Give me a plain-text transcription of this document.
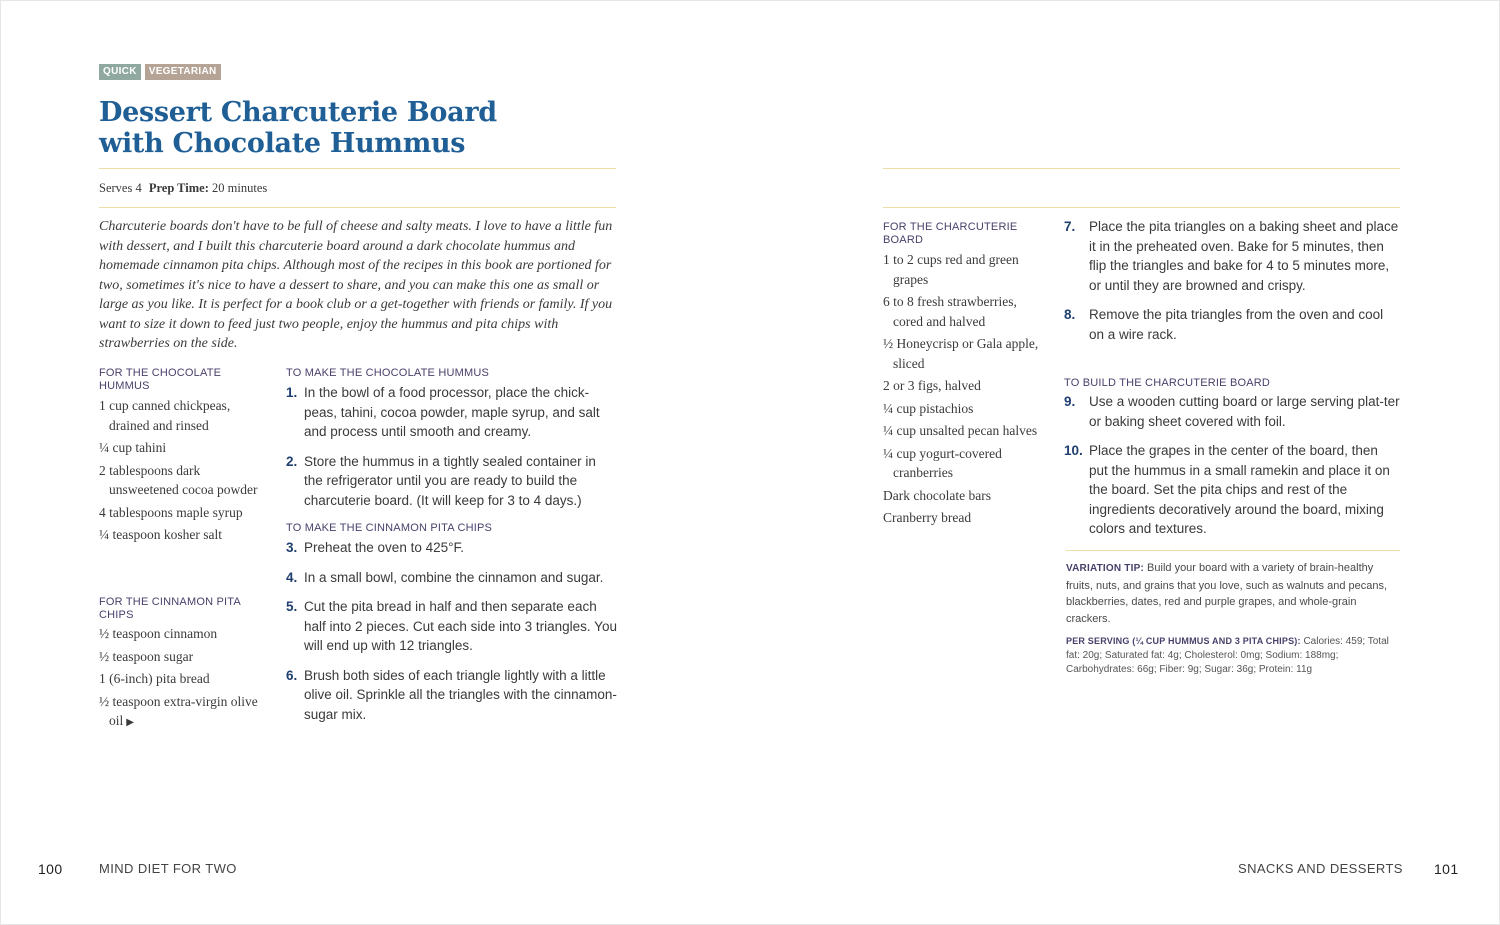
QUICK	VEGETARIAN
Dessert Charcuterie Board
with Chocolate Hummus
Serves 4 Prep Time: 20 minutes

Charcuterie boards don't have to be full of cheese and salty meats. I love to have a little fun with dessert, and I built this charcuterie board around a dark chocolate hummus and homemade cinnamon pita chips. Although most of the recipes in this book are portioned for two, sometimes it's nice to have a dessert to share, and you can make this one as small or large as you like. It is perfect for a book club or a get-together with friends or family. If you want to size it down to feed just two people, enjoy the hummus and pita chips with strawberries on the side.

FOR THE CHOCOLATE HUMMUS
1 cup canned chickpeas, drained and rinsed
¼ cup tahini
2 tablespoons dark unsweetened cocoa powder
4 tablespoons maple syrup
¼ teaspoon kosher salt
FOR THE CINNAMON PITA CHIPS
½ teaspoon cinnamon
½ teaspoon sugar
1 (6-inch) pita bread
½ teaspoon extra-virgin olive oil ▶
TO MAKE THE CHOCOLATE HUMMUS
1. In the bowl of a food processor, place the chick-peas, tahini, cocoa powder, maple syrup, and salt and process until smooth and creamy.
2. Store the hummus in a tightly sealed container in the refrigerator until you are ready to build the charcuterie board. (It will keep for 3 to 4 days.)
TO MAKE THE CINNAMON PITA CHIPS
3. Preheat the oven to 425°F.
4. In a small bowl, combine the cinnamon and sugar.
5. Cut the pita bread in half and then separate each half into 2 pieces. Cut each side into 3 triangles. You will end up with 12 triangles.
6. Brush both sides of each triangle lightly with a little olive oil. Sprinkle all the triangles with the cinnamon-sugar mix.
FOR THE CHARCUTERIE BOARD
1 to 2 cups red and green grapes
6 to 8 fresh strawberries, cored and halved
½ Honeycrisp or Gala apple, sliced
2 or 3 figs, halved
¼ cup pistachios
¼ cup unsalted pecan halves
¼ cup yogurt-covered cranberries
Dark chocolate bars
Cranberry bread
7.	Place the pita triangles on a baking sheet and place it in the preheated oven. Bake for 5 minutes, then flip the triangles and bake for 4 to 5 minutes more, or until they are browned and crispy.
8.	Remove the pita triangles from the oven and cool on a wire rack.
TO BUILD THE CHARCUTERIE BOARD
9.	Use a wooden cutting board or large serving plat-ter or baking sheet covered with foil.
10. Place the grapes in the center of the board, then put the hummus in a small ramekin and place it on the board. Set the pita chips and rest of the ingredients decoratively around the board, mixing colors and textures.

VARIATION TIP: Build your board with a variety of brain-healthy fruits, nuts, and grains that you love, such as walnuts and pecans, blackberries, dates, red and purple grapes, and whole-grain crackers.

PER SERVING (¼ CUP HUMMUS AND 3 PITA CHIPS): Calories: 459; Total fat: 20g; Saturated fat: 4g; Cholesterol: 0mg; Sodium: 188mg; Carbohydrates: 66g; Fiber: 9g; Sugar: 36g; Protein: 11g

100	MIND DIET FOR TWO	SNACKS AND DESSERTS 101
